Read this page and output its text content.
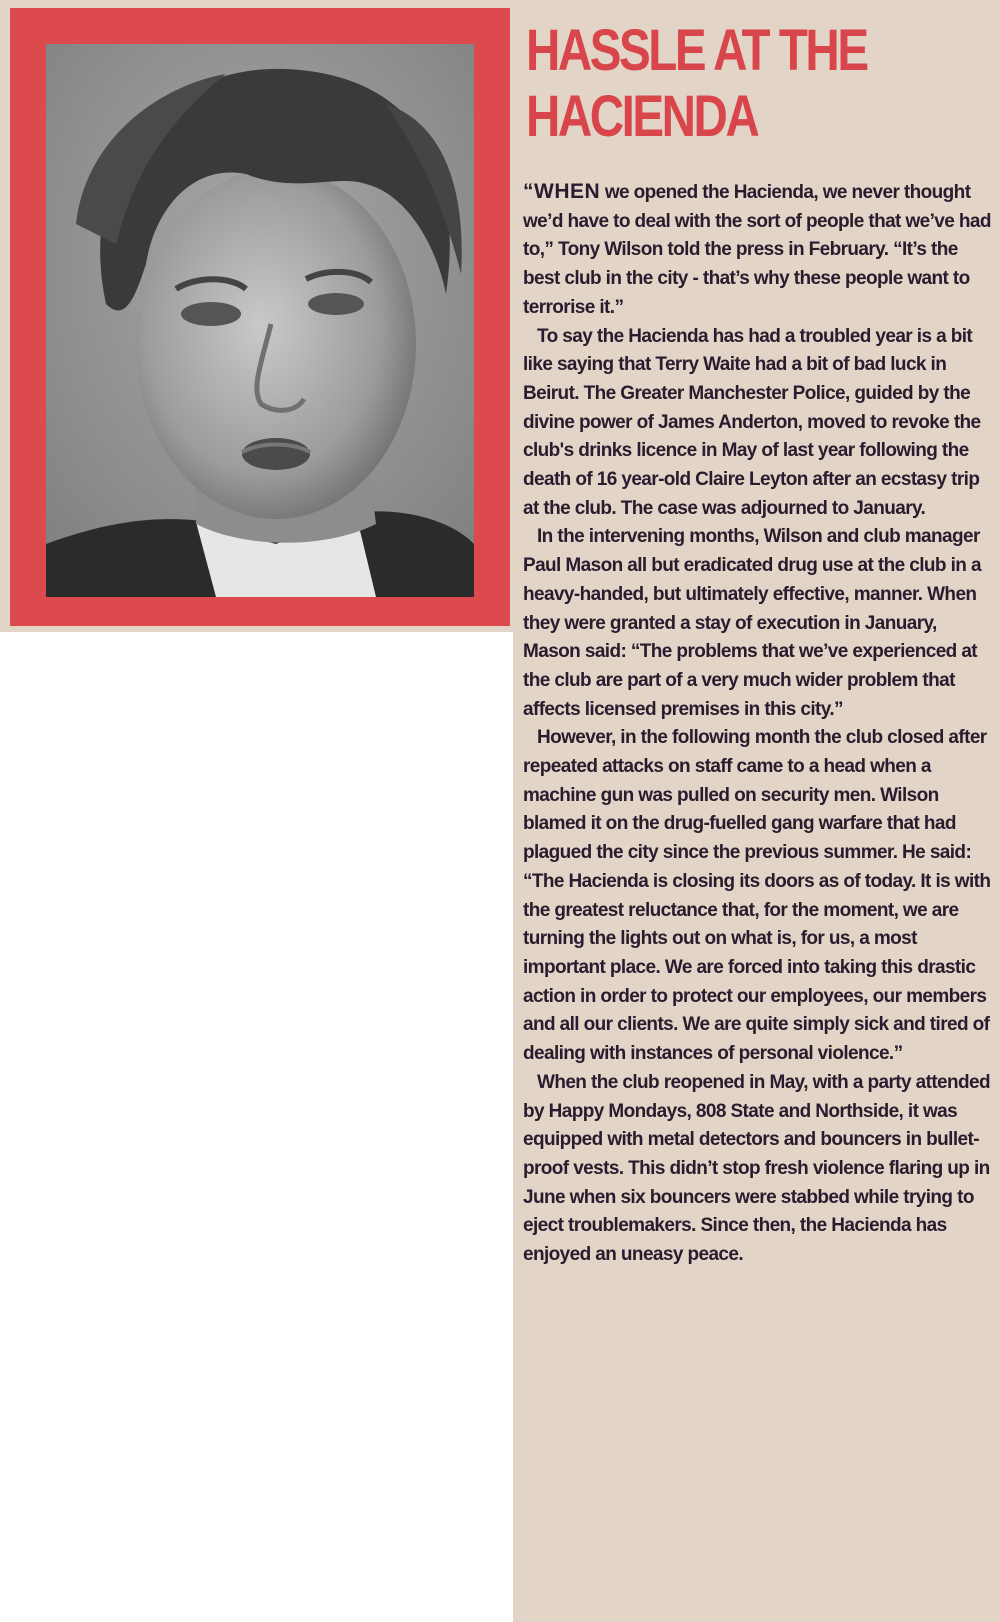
HASSLE AT THE HACIENDA

“WHEN we opened the Hacienda, we never thought we’d have to deal with the sort of people that we’ve had to,” Tony Wilson told the press in February. “It’s the best club in the city - that’s why these people want to terrorise it.”

To say the Hacienda has had a troubled year is a bit like saying that Terry Waite had a bit of bad luck in Beirut. The Greater Manchester Police, guided by the divine power of James Anderton, moved to revoke the club's drinks licence in May of last year following the death of 16 year-old Claire Leyton after an ecstasy trip at the club. The case was adjourned to January.

In the intervening months, Wilson and club manager Paul Mason all but eradicated drug use at the club in a heavy-handed, but ultimately effective, manner. When they were granted a stay of execution in January, Mason said: “The problems that we’ve experienced at the club are part of a very much wider problem that affects licensed premises in this city.”

However, in the following month the club closed after repeated attacks on staff came to a head when a machine gun was pulled on security men. Wilson blamed it on the drug-fuelled gang warfare that had plagued the city since the previous summer. He said: “The Hacienda is closing its doors as of today. It is with the greatest reluctance that, for the moment, we are turning the lights out on what is, for us, a most important place. We are forced into taking this drastic action in order to protect our employees, our members and all our clients. We are quite simply sick and tired of dealing with instances of personal violence.”

When the club reopened in May, with a party attended by Happy Mondays, 808 State and Northside, it was equipped with metal detectors and bouncers in bullet-proof vests. This didn’t stop fresh violence flaring up in June when six bouncers were stabbed while trying to eject troublemakers. Since then, the Hacienda has enjoyed an uneasy peace.
